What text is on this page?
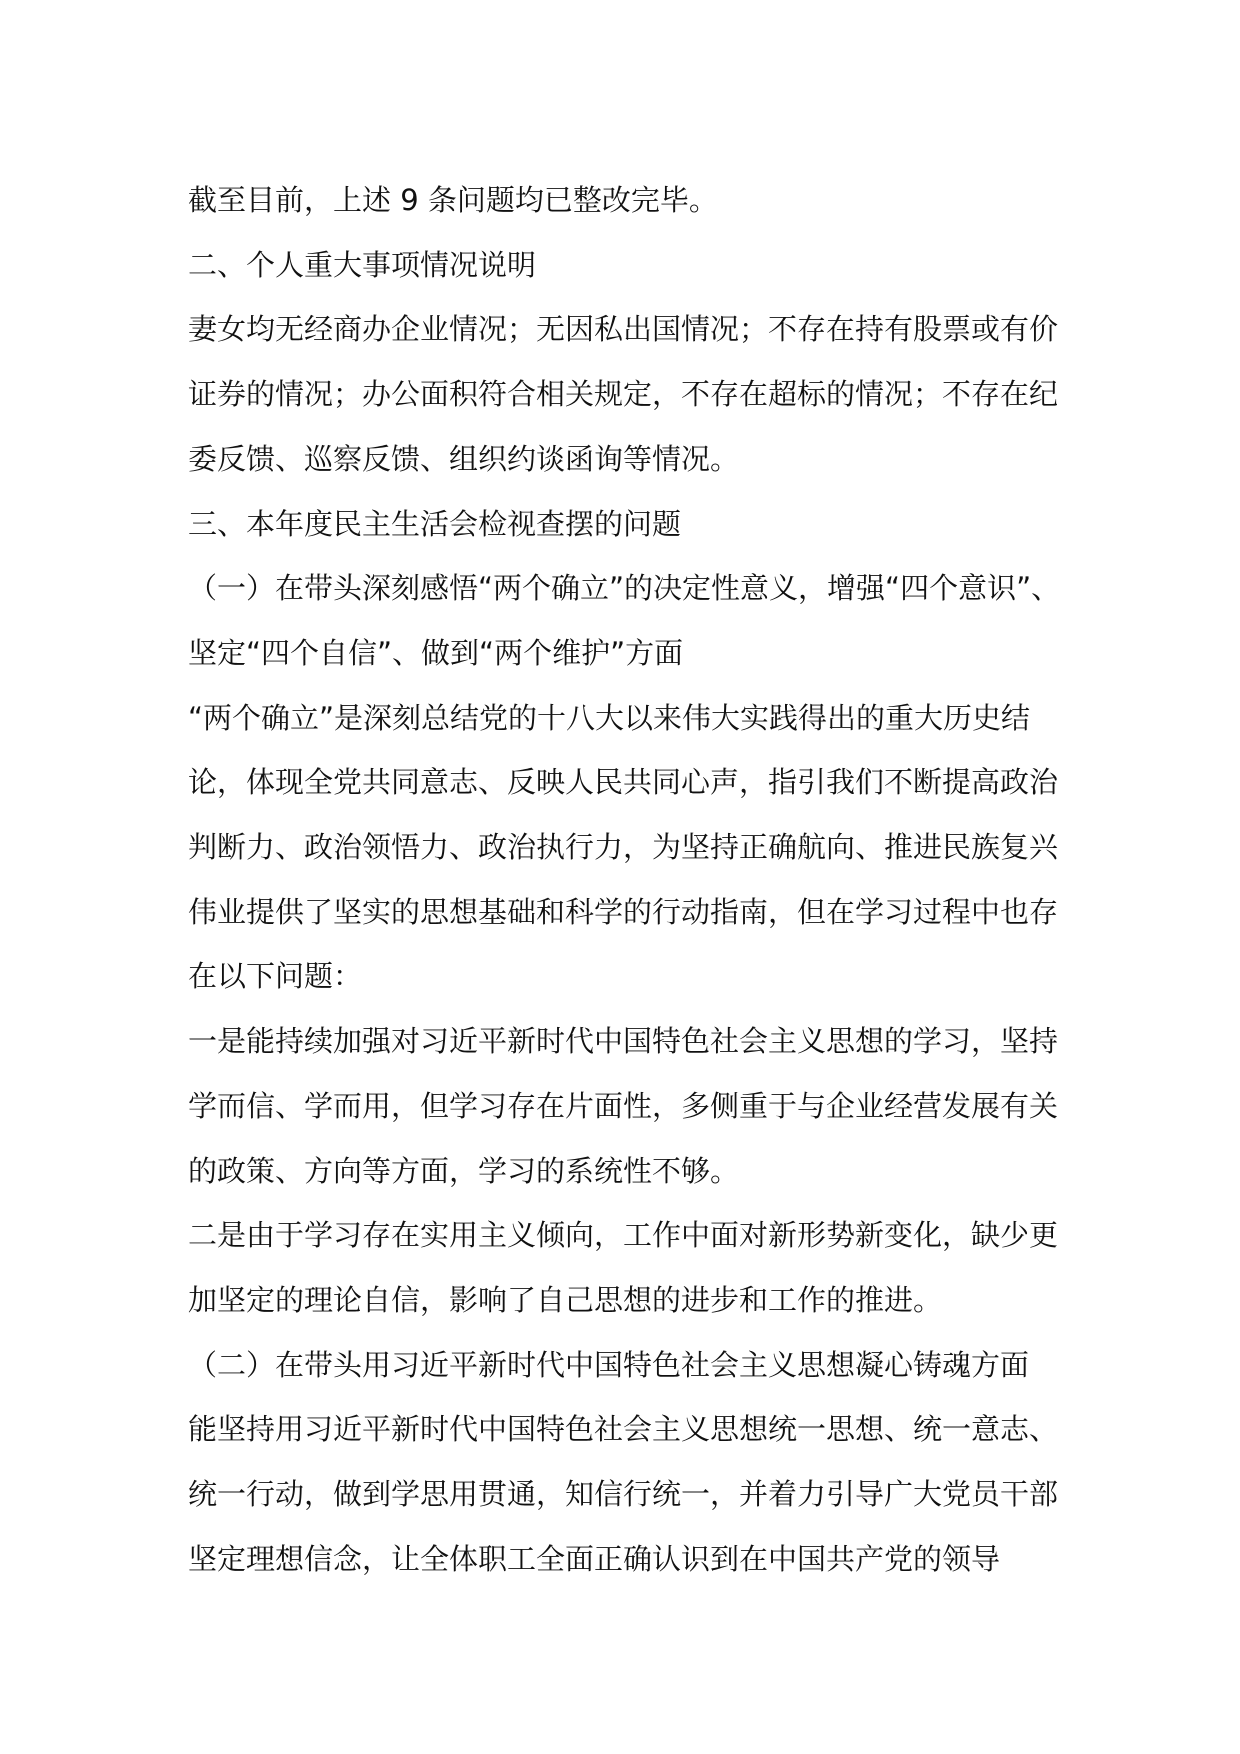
截至目前，上述 9 条问题均已整改完毕。

二、个人重大事项情况说明

妻女均无经商办企业情况；无因私出国情况；不存在持有股票或有价证券的情况；办公面积符合相关规定，不存在超标的情况；不存在纪委反馈、巡察反馈、组织约谈函询等情况。

三、本年度民主生活会检视查摆的问题

（一）在带头深刻感悟“两个确立”的决定性意义，增强“四个意识”、坚定“四个自信”、做到“两个维护”方面

“两个确立”是深刻总结党的十八大以来伟大实践得出的重大历史结论，体现全党共同意志、反映人民共同心声，指引我们不断提高政治判断力、政治领悟力、政治执行力，为坚持正确航向、推进民族复兴伟业提供了坚实的思想基础和科学的行动指南，但在学习过程中也存在以下问题：

一是能持续加强对习近平新时代中国特色社会主义思想的学习，坚持学而信、学而用，但学习存在片面性，多侧重于与企业经营发展有关的政策、方向等方面，学习的系统性不够。

二是由于学习存在实用主义倾向，工作中面对新形势新变化，缺少更加坚定的理论自信，影响了自己思想的进步和工作的推进。

（二）在带头用习近平新时代中国特色社会主义思想凝心铸魂方面

能坚持用习近平新时代中国特色社会主义思想统一思想、统一意志、统一行动，做到学思用贯通，知信行统一，并着力引导广大党员干部坚定理想信念，让全体职工全面正确认识到在中国共产党的领导
